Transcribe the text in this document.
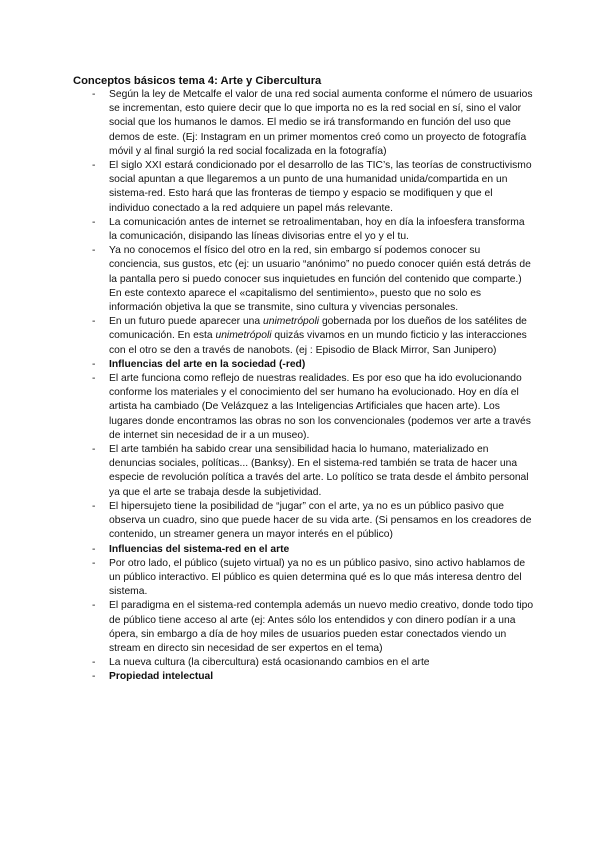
Conceptos básicos tema 4: Arte y Cibercultura
-	Según la ley de Metcalfe el valor de una red social aumenta conforme el número de usuarios se incrementan, esto quiere decir que lo que importa no es la red social en sí, sino el valor social que los humanos le damos. El medio se irá transformando en función del uso que demos de este. (Ej: Instagram en un primer momentos creó como un proyecto de fotografía móvil y al final surgió la red social focalizada en la fotografía)
-	El siglo XXI estará condicionado por el desarrollo de las TIC’s, las teorías de constructivismo social apuntan a que llegaremos a un punto de una humanidad unida/compartida en un sistema-red. Esto hará que las fronteras de tiempo y espacio se modifiquen y que el individuo conectado a la red adquiere un papel más relevante.
-	La comunicación antes de internet se retroalimentaban, hoy en día la infoesfera transforma la comunicación, disipando las líneas divisorias entre el yo y el tu.
-	Ya no conocemos el físico del otro en la red, sin embargo sí podemos conocer su conciencia, sus gustos, etc (ej: un usuario “anónimo” no puedo conocer quién está detrás de la pantalla pero si puedo conocer sus inquietudes en función del contenido que comparte.) En este contexto aparece el «capitalismo del sentimiento», puesto que no solo es información objetiva la que se transmite, sino cultura y vivencias personales.
-	En un futuro puede aparecer una unimetrópoli gobernada por los dueños de los satélites de comunicación. En esta unimetrópoli quizás vivamos en un mundo ficticio y las interacciones con el otro se den a través de nanobots. (ej : Episodio de Black Mirror, San Junipero)
-	Influencias del arte en la sociedad (-red)
-	El arte funciona como reflejo de nuestras realidades. Es por eso que ha ido evolucionando conforme los materiales y el conocimiento del ser humano ha evolucionado. Hoy en día el artista ha cambiado (De Velázquez a las Inteligencias Artificiales que hacen arte). Los lugares donde encontramos las obras no son los convencionales (podemos ver arte a través de internet sin necesidad de ir a un museo).
-	El arte también ha sabido crear una sensibilidad hacia lo humano, materializado en denuncias sociales, políticas... (Banksy). En el sistema-red también se trata de hacer una especie de revolución política a través del arte. Lo político se trata desde el ámbito personal ya que el arte se trabaja desde la subjetividad.
-	El hipersujeto tiene la posibilidad de “jugar” con el arte, ya no es un público pasivo que observa un cuadro, sino que puede hacer de su vida arte. (Si pensamos en los creadores de contenido, un streamer genera un mayor interés en el público)
-	Influencias del sistema-red en el arte
-	Por otro lado, el público (sujeto virtual) ya no es un público pasivo, sino activo hablamos de un público interactivo. El público es quien determina qué es lo que más interesa dentro del sistema.
-	El paradigma en el sistema-red contempla además un nuevo medio creativo, donde todo tipo de público tiene acceso al arte (ej: Antes sólo los entendidos y con dinero podían ir a una ópera, sin embargo a día de hoy miles de usuarios pueden estar conectados viendo un stream en directo sin necesidad de ser expertos en el tema)
-	La nueva cultura (la cibercultura) está ocasionando cambios en el arte
-	Propiedad intelectual
